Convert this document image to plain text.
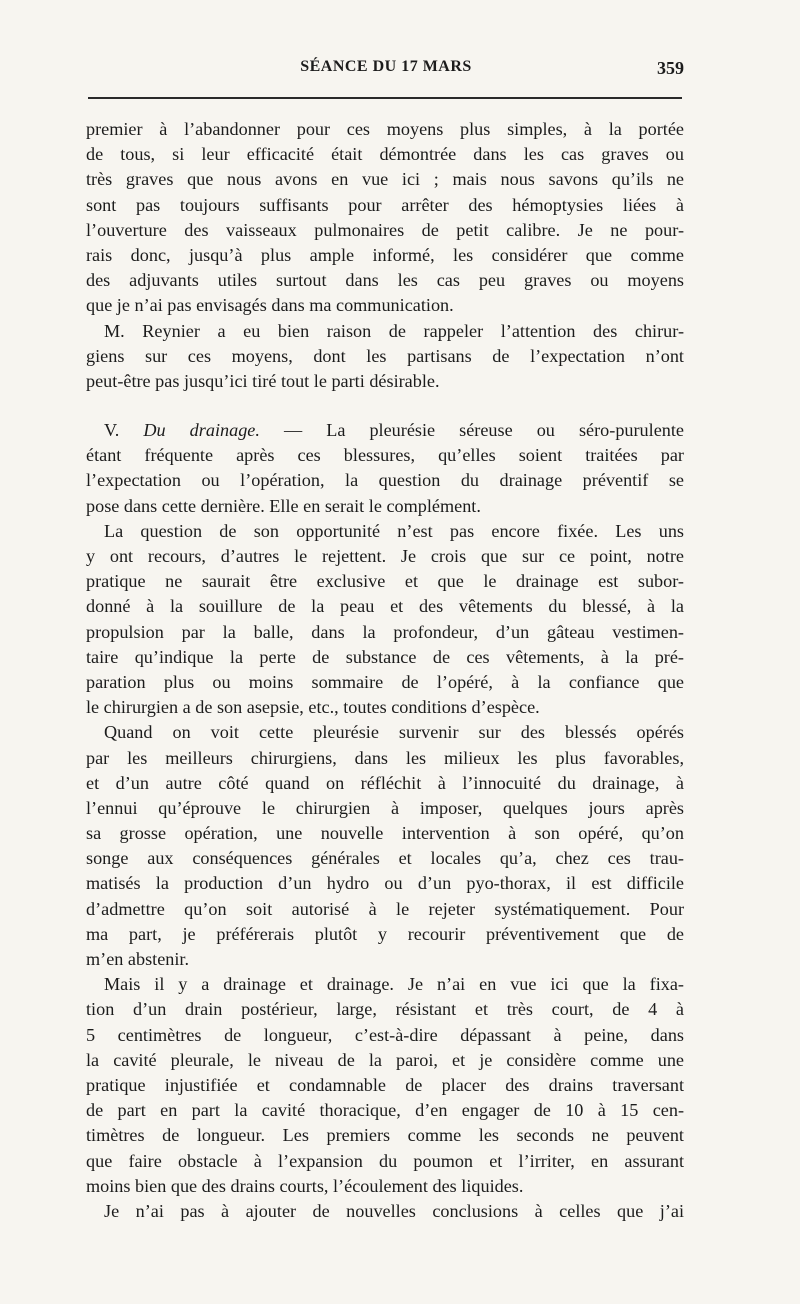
SÉANCE DU 17 MARS	359
premier à l’abandonner pour ces moyens plus simples, à la portée
de tous, si leur efficacité était démontrée dans les cas graves ou
très graves que nous avons en vue ici ; mais nous savons qu’ils ne
sont pas toujours suffisants pour arrêter des hémoptysies liées à
l’ouverture des vaisseaux pulmonaires de petit calibre. Je ne pour-
rais donc, jusqu’à plus ample informé, les considérer que comme
des adjuvants utiles surtout dans les cas peu graves ou moyens
que je n’ai pas envisagés dans ma communication.
M. Reynier a eu bien raison de rappeler l’attention des chirur-
giens sur ces moyens, dont les partisans de l’expectation n’ont
peut-être pas jusqu’ici tiré tout le parti désirable.
V. Du drainage. — La pleurésie séreuse ou séro-purulente
étant fréquente après ces blessures, qu’elles soient traitées par
l’expectation ou l’opération, la question du drainage préventif se
pose dans cette dernière. Elle en serait le complément.
La question de son opportunité n’est pas encore fixée. Les uns
y ont recours, d’autres le rejettent. Je crois que sur ce point, notre
pratique ne saurait être exclusive et que le drainage est subor-
donné à la souillure de la peau et des vêtements du blessé, à la
propulsion par la balle, dans la profondeur, d’un gâteau vestimen-
taire qu’indique la perte de substance de ces vêtements, à la pré-
paration plus ou moins sommaire de l’opéré, à la confiance que
le chirurgien a de son asepsie, etc., toutes conditions d’espèce.
Quand on voit cette pleurésie survenir sur des blessés opérés
par les meilleurs chirurgiens, dans les milieux les plus favorables,
et d’un autre côté quand on réfléchit à l’innocuité du drainage, à
l’ennui qu’éprouve le chirurgien à imposer, quelques jours après
sa grosse opération, une nouvelle intervention à son opéré, qu’on
songe aux conséquences générales et locales qu’a, chez ces trau-
matisés la production d’un hydro ou d’un pyo-thorax, il est difficile
d’admettre qu’on soit autorisé à le rejeter systématiquement. Pour
ma part, je préférerais plutôt y recourir préventivement que de
m’en abstenir.
Mais il y a drainage et drainage. Je n’ai en vue ici que la fixa-
tion d’un drain postérieur, large, résistant et très court, de 4 à
5 centimètres de longueur, c’est-à-dire dépassant à peine, dans
la cavité pleurale, le niveau de la paroi, et je considère comme une
pratique injustifiée et condamnable de placer des drains traversant
de part en part la cavité thoracique, d’en engager de 10 à 15 cen-
timètres de longueur. Les premiers comme les seconds ne peuvent
que faire obstacle à l’expansion du poumon et l’irriter, en assurant
moins bien que des drains courts, l’écoulement des liquides.
Je n’ai pas à ajouter de nouvelles conclusions à celles que j’ai
